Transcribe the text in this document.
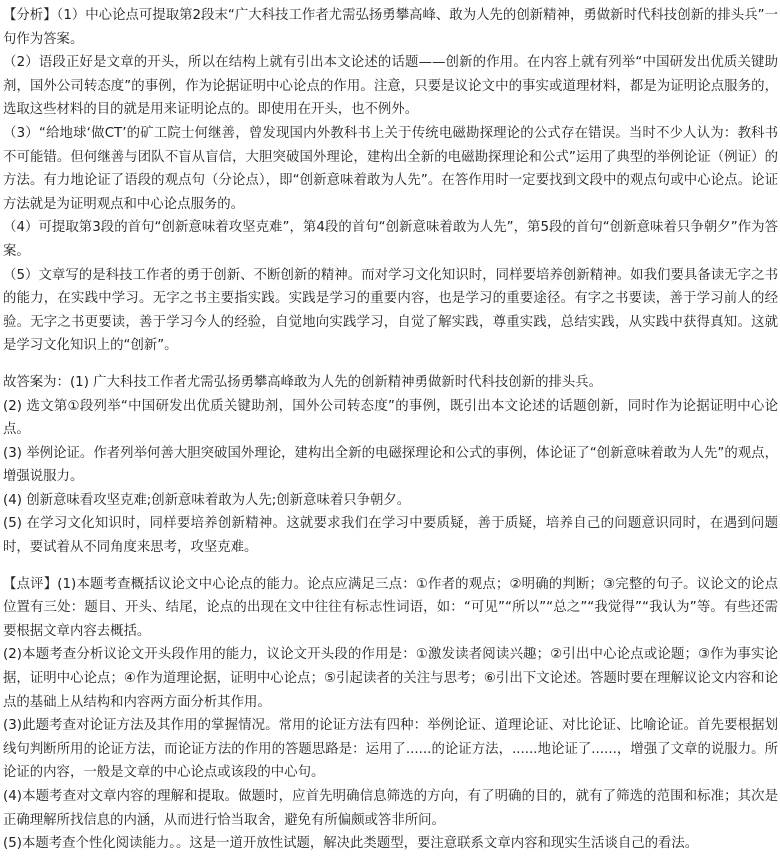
【分析】（1）中心论点可提取第2段末“广大科技工作者尤需弘扬勇攀高峰、敢为人先的创新精神，勇做新时代科技创新的排头兵”一句作为答案。

（2）语段正好是文章的开头，所以在结构上就有引出本文论述的话题——创新的作用。在内容上就有列举“中国研发出优质关键助剂，国外公司转态度”的事例，作为论据证明中心论点的作用。注意，只要是议论文中的事实或道理材料，都是为证明论点服务的，选取这些材料的目的就是用来证明论点的。即使用在开头，也不例外。

（3）“给地球‘做CT’的矿工院士何继善，曾发现国内外教科书上关于传统电磁勘探理论的公式存在错误。当时不少人认为：教科书不可能错。但何继善与团队不盲从盲信，大胆突破国外理论，建构出全新的电磁勘探理论和公式”运用了典型的举例论证（例证）的方法。有力地论证了语段的观点句（分论点），即“创新意味着敢为人先”。在答作用时一定要找到文段中的观点句或中心论点。论证方法就是为证明观点和中心论点服务的。

（4）可提取第3段的首句“创新意味着攻坚克难”，第4段的首句“创新意味着敢为人先”，第5段的首句“创新意味着只争朝夕”作为答案。

（5）文章写的是科技工作者的勇于创新、不断创新的精神。而对学习文化知识时，同样要培养创新精神。如我们要具备读无字之书的能力，在实践中学习。无字之书主要指实践。实践是学习的重要内容，也是学习的重要途径。有字之书要读，善于学习前人的经验。无字之书更要读，善于学习今人的经验，自觉地向实践学习，自觉了解实践，尊重实践，总结实践，从实践中获得真知。这就是学习文化知识上的“创新”。

故答案为：(1) 广大科技工作者尤需弘扬勇攀高峰敢为人先的创新精神勇做新时代科技创新的排头兵。

(2) 选文第①段列举“中国研发出优质关键助剂，国外公司转态度”的事例，既引出本文论述的话题创新，同时作为论据证明中心论点。

(3) 举例论证。作者列举何善大胆突破国外理论，建构出全新的电磁探理论和公式的事例，体论证了“创新意味着敢为人先”的观点，增强说服力。

(4) 创新意味看攻坚克难;创新意味着敢为人先;创新意味着只争朝夕。

(5) 在学习文化知识时，同样要培养创新精神。这就要求我们在学习中要质疑，善于质疑，培养自己的问题意识同时，在遇到问题时，要试着从不同角度来思考，攻坚克难。

【点评】(1)本题考查概括议论文中心论点的能力。论点应满足三点：①作者的观点；②明确的判断；③完整的句子。议论文的论点位置有三处：题目、开头、结尾，论点的出现在文中往往有标志性词语，如：“可见”“所以”“总之”“我觉得”“我认为”等。有些还需要根据文章内容去概括。

(2)本题考查分析议论文开头段作用的能力，议论文开头段的作用是：①激发读者阅读兴趣；②引出中心论点或论题；③作为事实论据，证明中心论点；④作为道理论据，证明中心论点；⑤引起读者的关注与思考；⑥引出下文论述。答题时要在理解议论文内容和论点的基础上从结构和内容两方面分析其作用。

(3)此题考查对论证方法及其作用的掌握情况。常用的论证方法有四种：举例论证、道理论证、对比论证、比喻论证。首先要根据划线句判断所用的论证方法，而论证方法的作用的答题思路是：运用了......的论证方法，......地论证了......，增强了文章的说服力。所论证的内容，一般是文章的中心论点或该段的中心句。

(4)本题考查对文章内容的理解和提取。做题时，应首先明确信息筛选的方向，有了明确的目的，就有了筛选的范围和标准；其次是正确理解所找信息的内涵，从而进行恰当取舍，避免有所偏颇或答非所问。

(5)本题考查个性化阅读能力。。这是一道开放性试题，解决此类题型，要注意联系文章内容和现实生活谈自己的看法。
